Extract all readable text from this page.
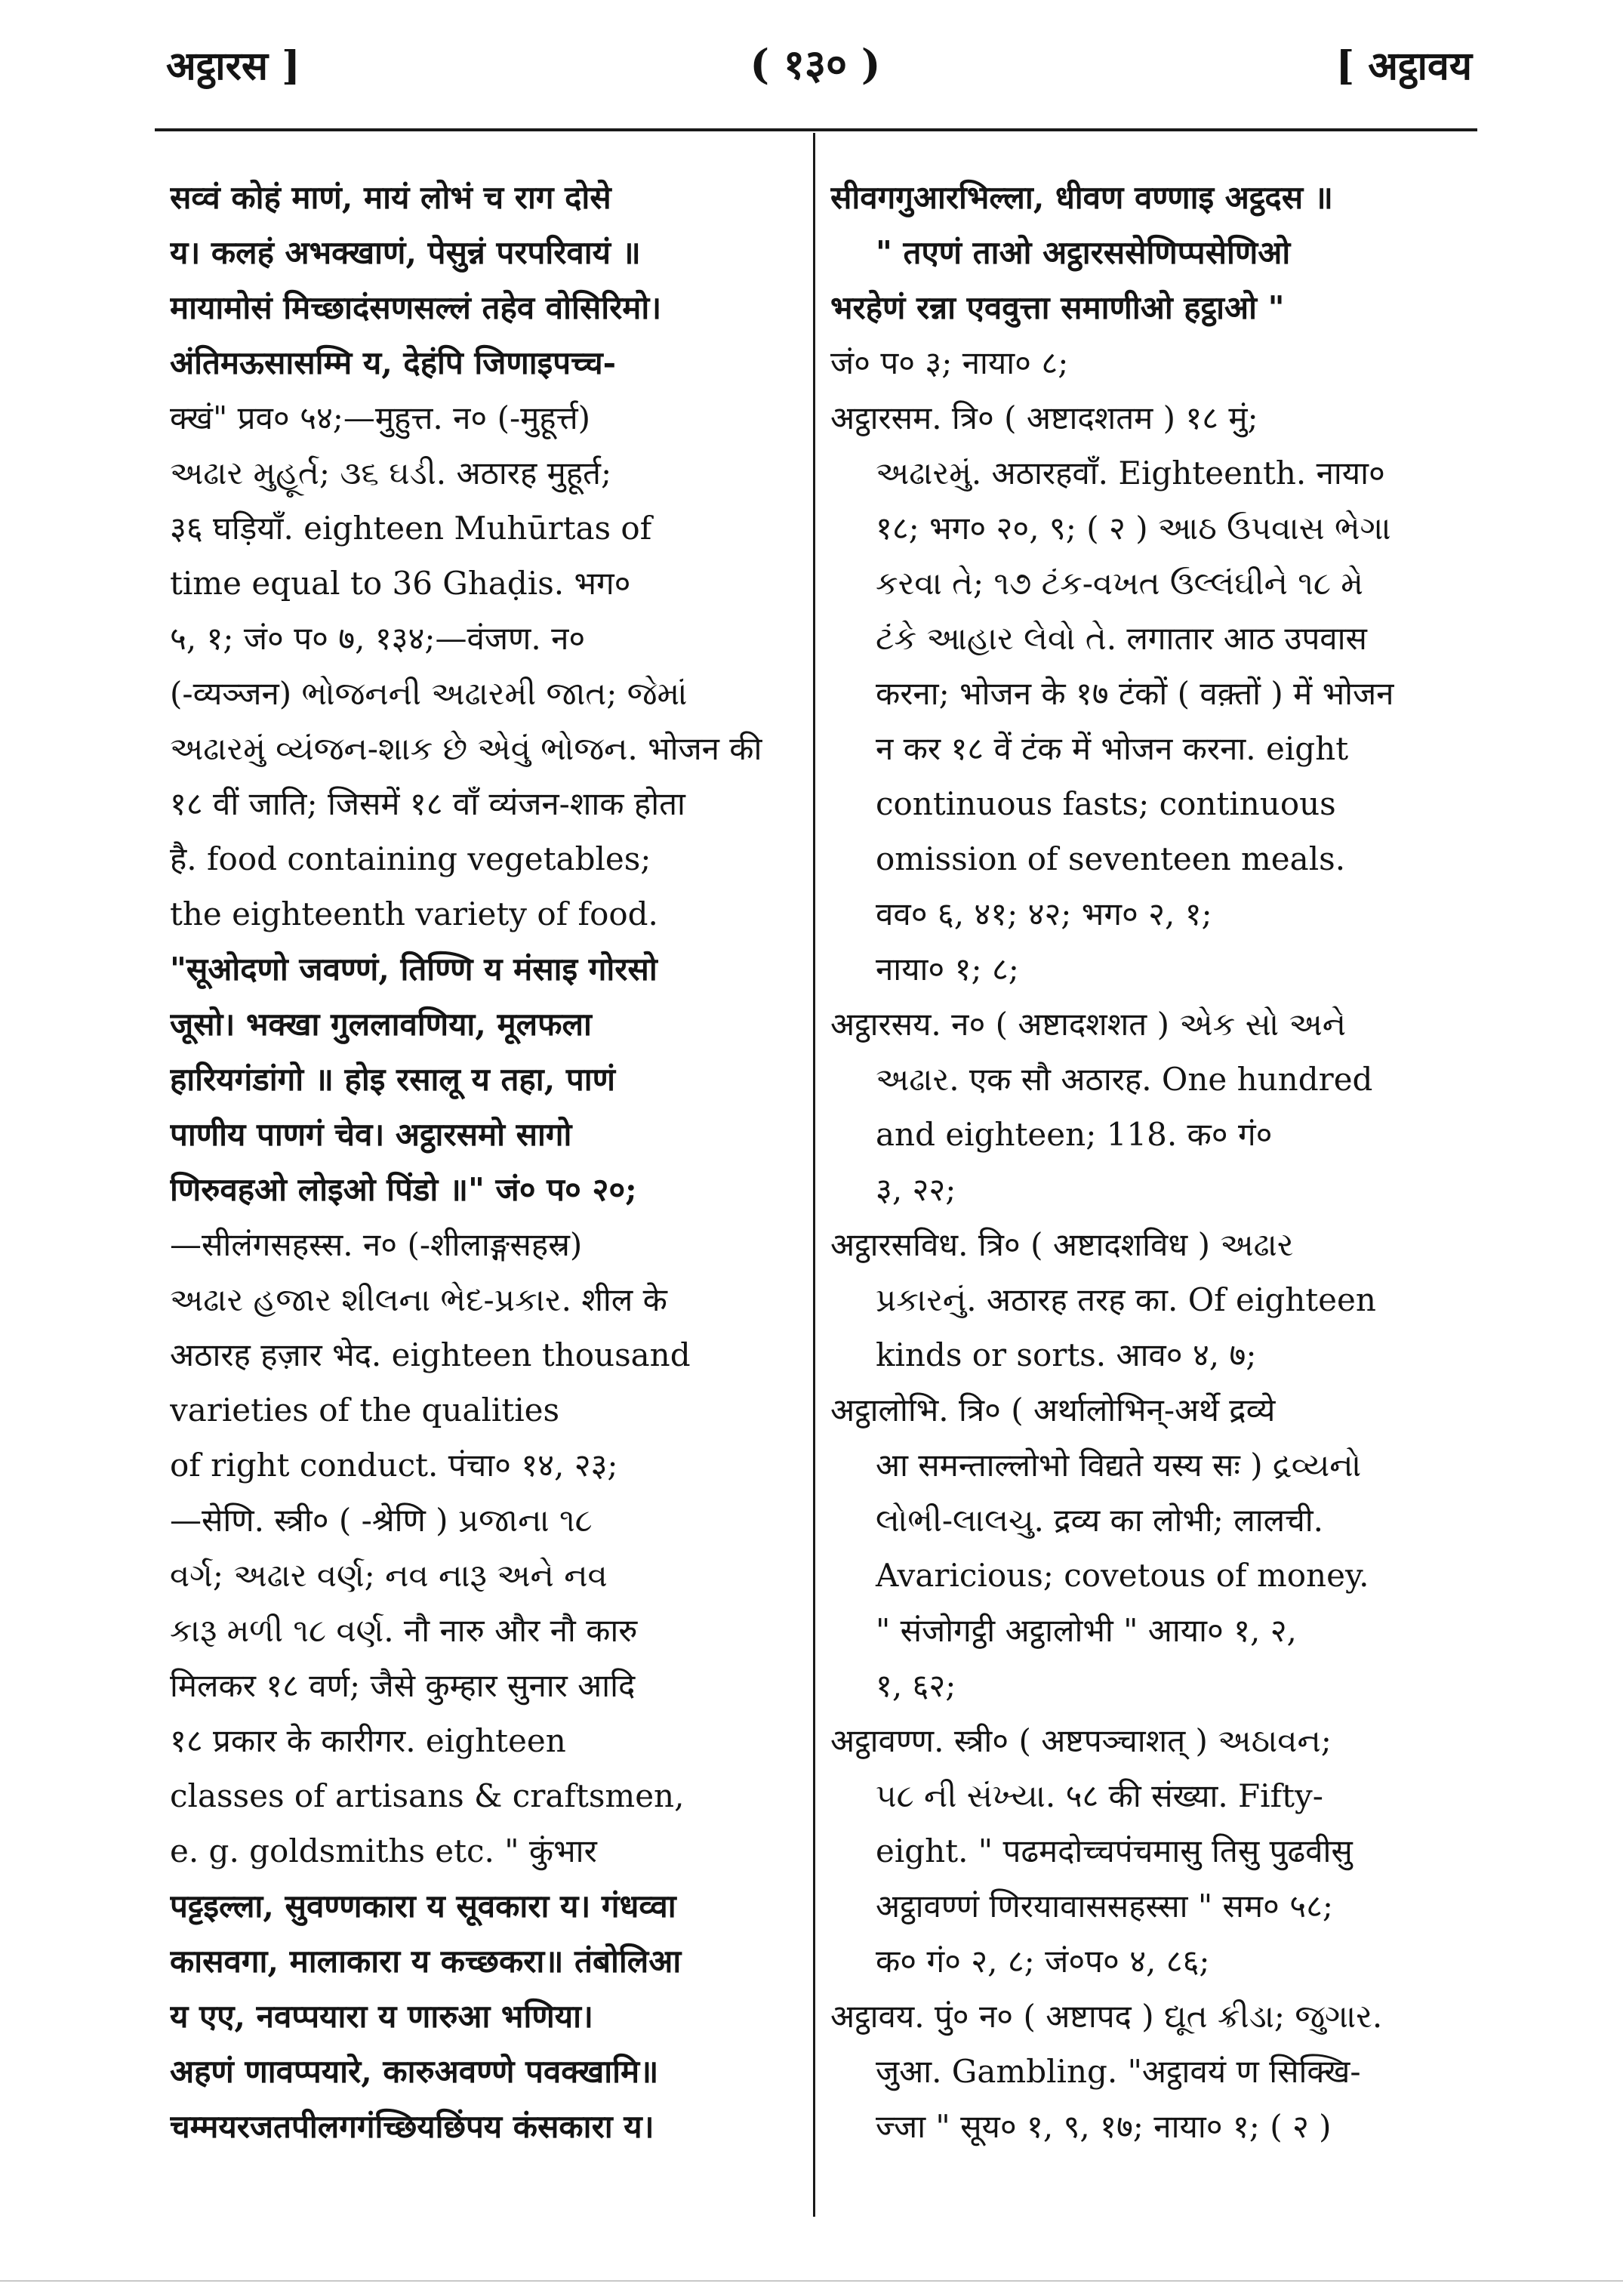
अट्ठारस ]	( १३० )	[ अट्ठावय
सव्वं कोहं माणं, मायं लोभं च राग दोसे
य। कलहं अभक्खाणं, पेसुन्नं परपरिवायं ॥
मायामोसं मिच्छादंसणसल्लं तहेव वोसिरिमो।
अंतिमऊसासम्मि य, देहंपि जिणाइपच्च-
क्खं" प्रव० ५४;—मुहुत्त. न० (-मुहूर्त्त)
અઢાર મુહૂર્ત; ૩૬ ઘડી. अठारह मुहूर्त;
३६ घड़ियाँ. eighteen Muhūrtas of
time equal to 36 Ghaḍis. भग०
५, १; जं० प० ७, १३४;—वंजण. न०
(-व्यञ्जन) ભોજનની અઢારમી જાત; જેમાં
અઢારમું વ્યંજન-શાક છે એવું ભોજન. भोजन की
१८ वीं जाति; जिसमें १८ वाँ व्यंजन-शाक होता
है. food containing vegetables;
the eighteenth variety of food.
"सूओदणो जवण्णं, तिण्णि य मंसाइ गोरसो
जूसो। भक्खा गुललावणिया, मूलफला
हारियगंडांगो ॥ होइ रसालू य तहा, पाणं
पाणीय पाणगं चेव। अट्ठारसमो सागो
णिरुवहओ लोइओ पिंडो ॥" जं० प० २०;
—सीलंगसहस्स. न० (-शीलाङ्गसहस्र)
અઢાર હજાર શીલના ભેદ-પ્રકાર. शील के
अठारह हज़ार भेद. eighteen thousand
varieties of the qualities
of right conduct. पंचा० १४, २३;
—सेणि. स्त्री० ( -श्रेणि ) પ્રજાના ૧૮
વર્ગ; અઢાર વર્ણ; નવ નારૂ અને નવ
કારૂ મળી ૧૮ વર્ણ. नौ नारु और नौ कारु
मिलकर १८ वर्ण; जैसे कुम्हार सुनार आदि
१८ प्रकार के कारीगर. eighteen
classes of artisans & craftsmen,
e. g. goldsmiths etc. " कुंभार
पट्टइल्ला, सुवण्णकारा य सूवकारा य। गंधव्वा
कासवगा, मालाकारा य कच्छकरा॥ तंबोलिआ
य एए, नवप्पयारा य णारुआ भणिया।
अहणं णावप्पयारे, कारुअवण्णे पवक्खामि॥
चम्मयरजतपीलगगंच्छियछिंपय कंसकारा य।
सीवगगुआरभिल्ला, धीवण वण्णाइ अट्ठदस ॥
" तएणं ताओ अट्ठारससेणिप्पसेणिओ
भरहेणं रन्ना एववुत्ता समाणीओ हट्ठाओ "
जं० प० ३; नाया० ८;
अट्ठारसम. त्रि० ( अष्टादशतम ) १८ मुं;
અઢારમું. अठारहवाँ. Eighteenth. नाया०
१८; भग० २०, ९; ( २ ) આઠ ઉપવાસ ભેગા
કરવા તે; ૧૭ ટંક-વખત ઉલ્લંઘીને ૧૮ મે
ટંકે આહાર લેવો તે. लगातार आठ उपवास
करना; भोजन के १७ टंकों ( वक़्तों ) में भोजन
न कर १८ वें टंक में भोजन करना. eight
continuous fasts; continuous
omission of seventeen meals.
वव० ६, ४१; ४२; भग० २, १;
नाया० १; ८;
अट्ठारसय. न० ( अष्टादशशत ) એક સો અને
અઢાર. एक सौ अठारह. One hundred
and eighteen; 118. क० गं०
३, २२;
अट्ठारसविध. त्रि० ( अष्टादशविध ) અઢાર
પ્રકારનું. अठारह तरह का. Of eighteen
kinds or sorts. आव० ४, ७;
अट्ठालोभि. त्रि० ( अर्थालोभिन्-अर्थे द्रव्ये
आ समन्ताल्लोभो विद्यते यस्य सः ) દ્રવ્યનો
લોભી-લાલચુ. द्रव्य का लोभी; लालची.
Avaricious; covetous of money.
" संजोगट्ठी अट्ठालोभी " आया० १, २,
१, ६२;
अट्ठावण्ण. स्त्री० ( अष्टपञ्चाशत् ) અઠાવન;
૫૮ ની સંખ્યા. ५८ की संख्या. Fifty-
eight. " पढमदोच्चपंचमासु तिसु पुढवीसु
अट्ठावण्णं णिरयावाससहस्सा " सम० ५८;
क० गं० २, ८; जं०प० ४, ८६;
अट्ठावय. पुं० न० ( अष्टापद ) દ્યૂત ક્રીડા; જુગાર.
जुआ. Gambling. "अट्ठावयं ण सिक्खि-
ज्जा " सूय० १, ९, १७; नाया० १; ( २ )
